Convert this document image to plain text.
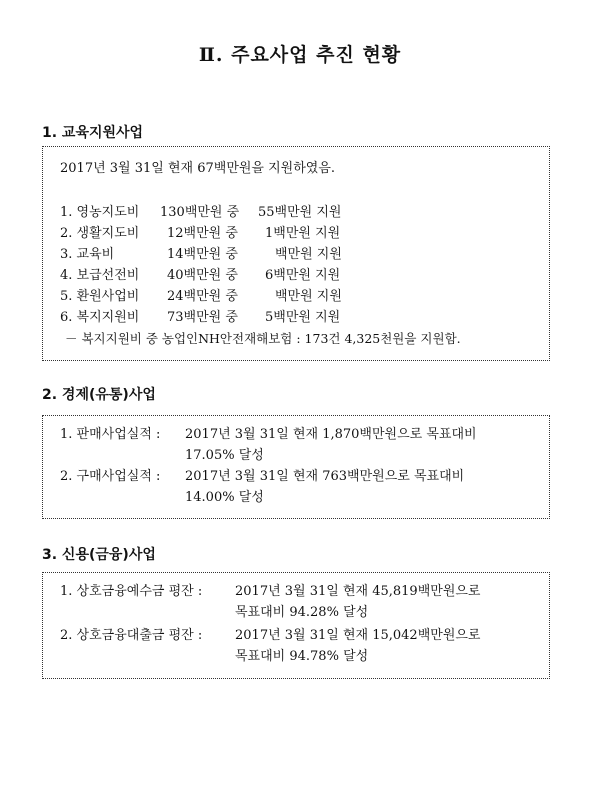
Ⅱ. 주요사업 추진 현황
1. 교육지원사업
2017년 3월 31일 현재 67백만원을 지원하였음.
1. 영농지도비 130백만원 중 55백만원 지원
2. 생활지도비 12백만원 중 1백만원 지원
3. 교육비	14백만원 중	백만원 지원
4. 보급선전비 40백만원 중 6백만원 지원
5. 환원사업비 24백만원 중	백만원 지원
6. 복지지원비 73백만원 중 5백만원 지원
－ 복지지원비 중 농업인NH안전재해보험 : 173건 4,325천원을 지원함.
2. 경제(유통)사업
1. 판매사업실적 : 2017년 3월 31일 현재 1,870백만원으로 목표대비
17.05% 달성
2. 구매사업실적 : 2017년 3월 31일 현재 763백만원으로 목표대비
14.00% 달성
3. 신용(금융)사업
1. 상호금융예수금 평잔 :	2017년 3월 31일 현재 45,819백만원으로
목표대비 94.28% 달성
2. 상호금융대출금 평잔 :	2017년 3월 31일 현재 15,042백만원으로
목표대비 94.78% 달성
